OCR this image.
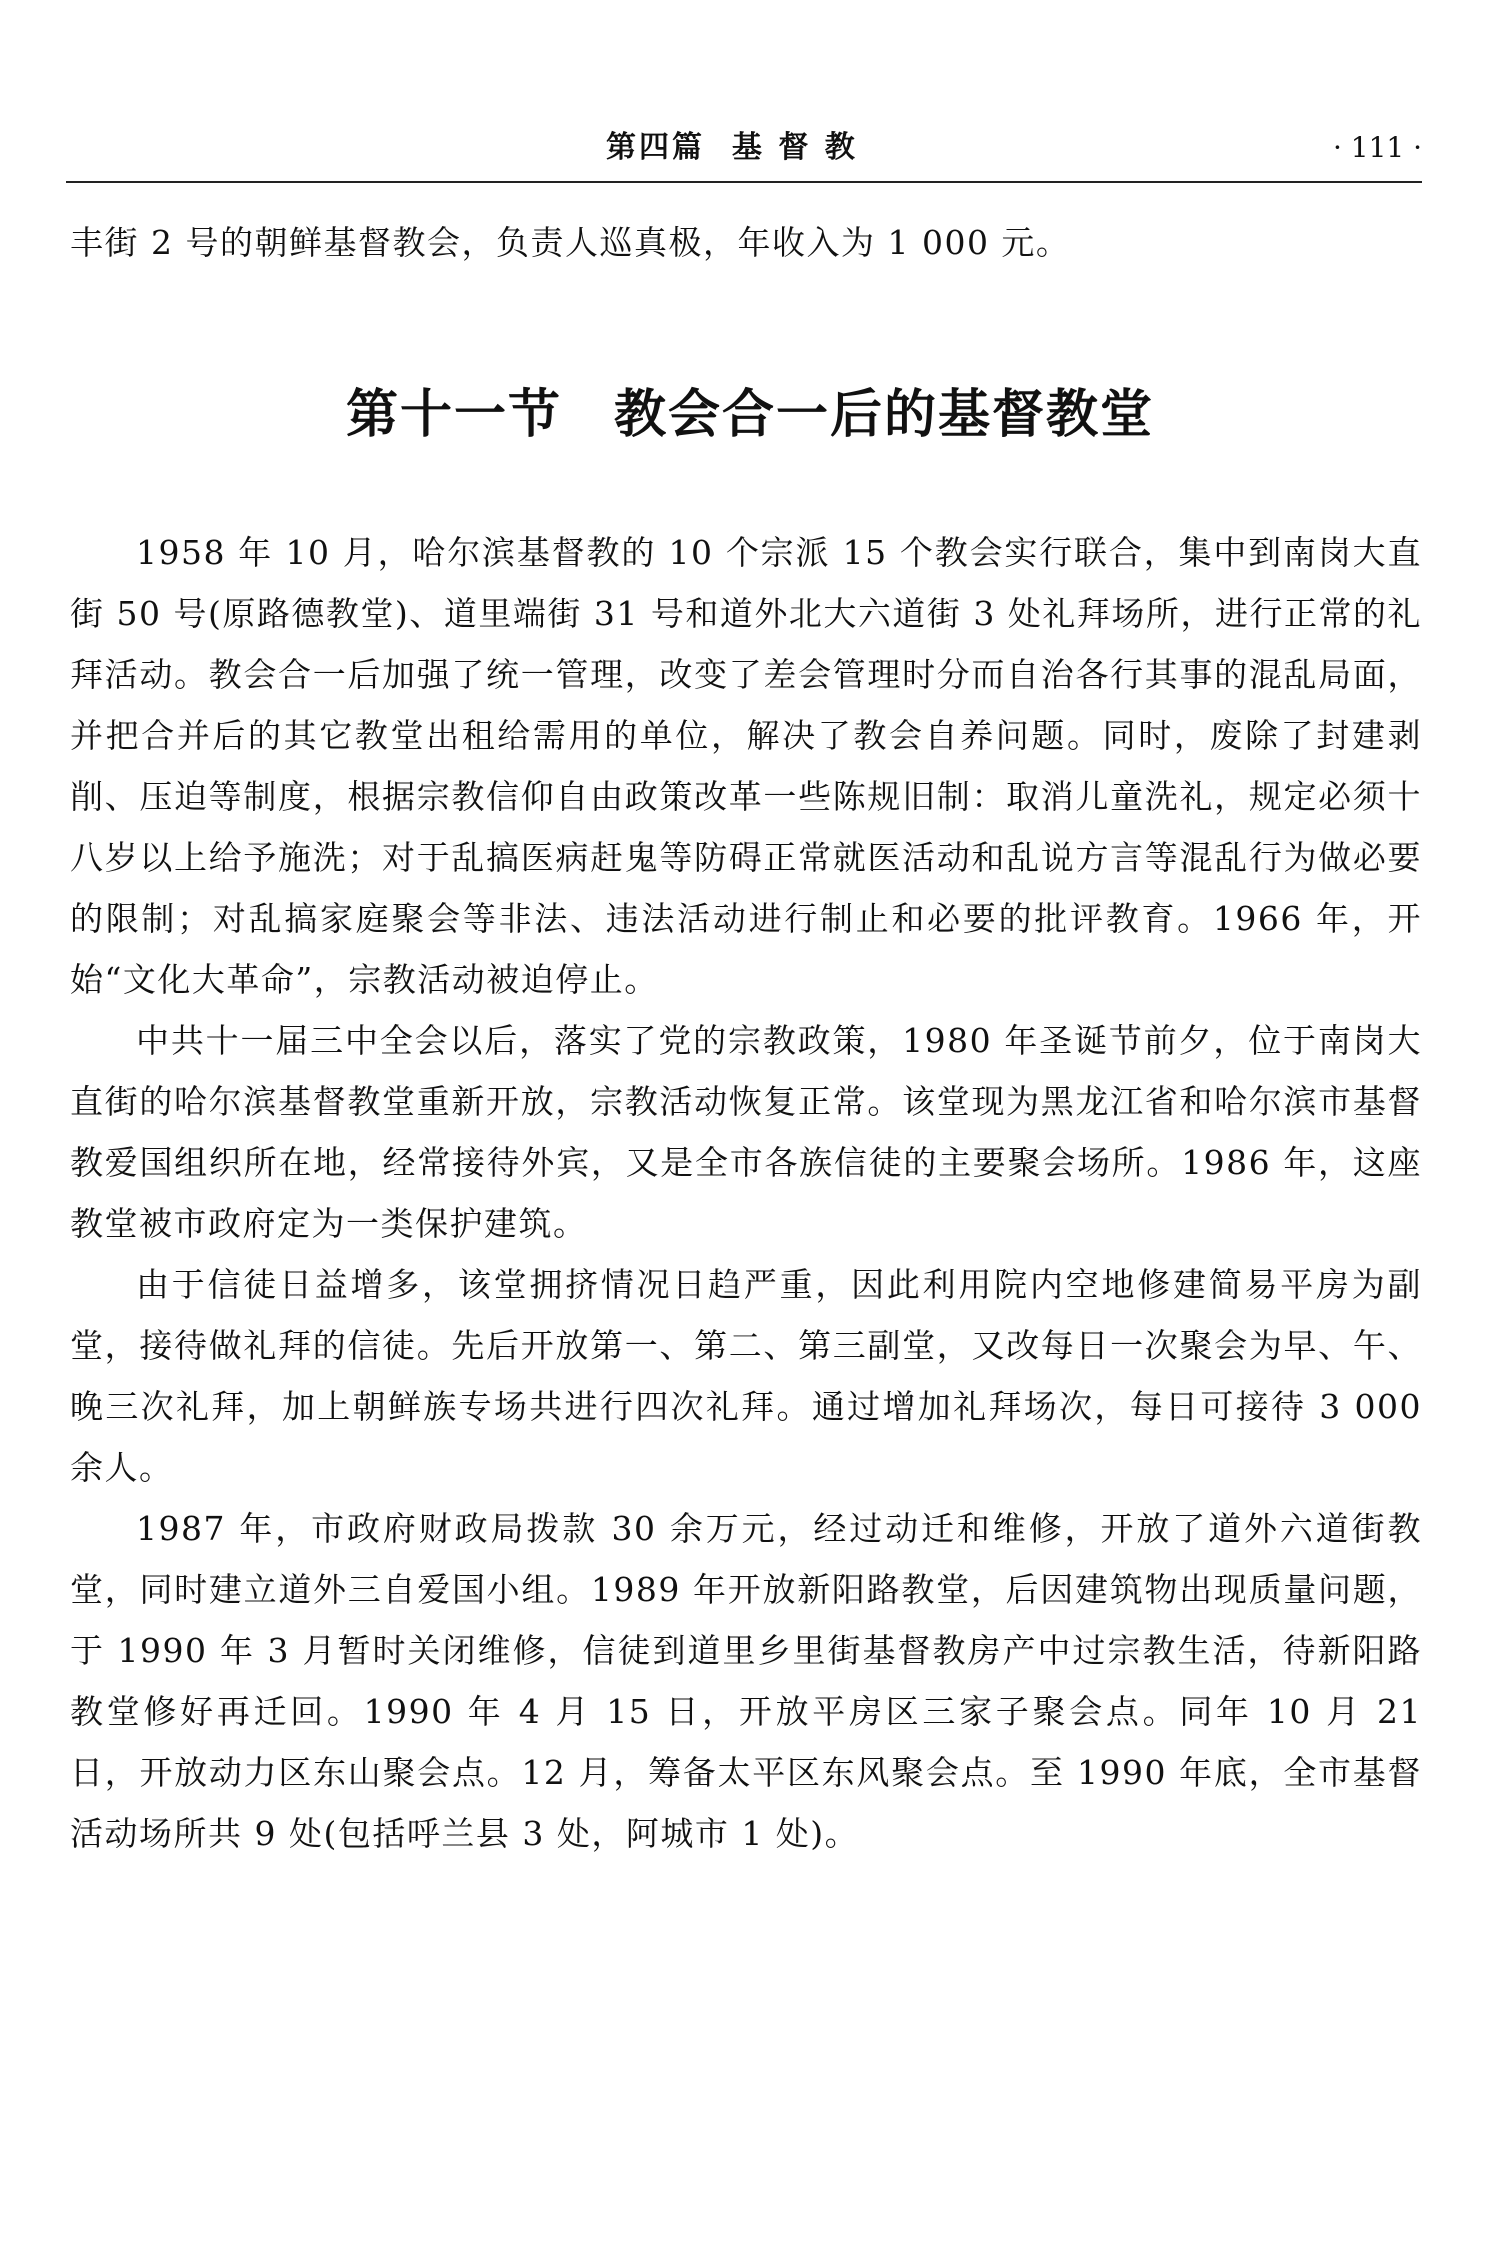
第四篇  基 督 教	· 111 ·

丰街 2 号的朝鲜基督教会，负责人巡真极，年收入为 1 000 元。

第十一节 教会合一后的基督教堂

1958 年 10 月，哈尔滨基督教的 10 个宗派 15 个教会实行联合，集中到南岗大直街 50 号(原路德教堂)、道里端街 31 号和道外北大六道街 3 处礼拜场所，进行正常的礼拜活动。教会合一后加强了统一管理，改变了差会管理时分而自治各行其事的混乱局面，并把合并后的其它教堂出租给需用的单位，解决了教会自养问题。同时，废除了封建剥削、压迫等制度，根据宗教信仰自由政策改革一些陈规旧制：取消儿童洗礼，规定必须十八岁以上给予施洗；对于乱搞医病赶鬼等防碍正常就医活动和乱说方言等混乱行为做必要的限制；对乱搞家庭聚会等非法、违法活动进行制止和必要的批评教育。1966 年，开始“文化大革命”，宗教活动被迫停止。

中共十一届三中全会以后，落实了党的宗教政策，1980 年圣诞节前夕，位于南岗大直街的哈尔滨基督教堂重新开放，宗教活动恢复正常。该堂现为黑龙江省和哈尔滨市基督教爱国组织所在地，经常接待外宾，又是全市各族信徒的主要聚会场所。1986 年，这座教堂被市政府定为一类保护建筑。

由于信徒日益增多，该堂拥挤情况日趋严重，因此利用院内空地修建简易平房为副堂，接待做礼拜的信徒。先后开放第一、第二、第三副堂，又改每日一次聚会为早、午、晚三次礼拜，加上朝鲜族专场共进行四次礼拜。通过增加礼拜场次，每日可接待 3 000 余人。

1987 年，市政府财政局拨款 30 余万元，经过动迁和维修，开放了道外六道街教堂，同时建立道外三自爱国小组。1989 年开放新阳路教堂，后因建筑物出现质量问题，于 1990 年 3 月暂时关闭维修，信徒到道里乡里街基督教房产中过宗教生活，待新阳路教堂修好再迁回。1990 年 4 月 15 日，开放平房区三家子聚会点。同年 10 月 21 日，开放动力区东山聚会点。12 月，筹备太平区东风聚会点。至 1990 年底，全市基督活动场所共 9 处(包括呼兰县 3 处，阿城市 1 处)。
